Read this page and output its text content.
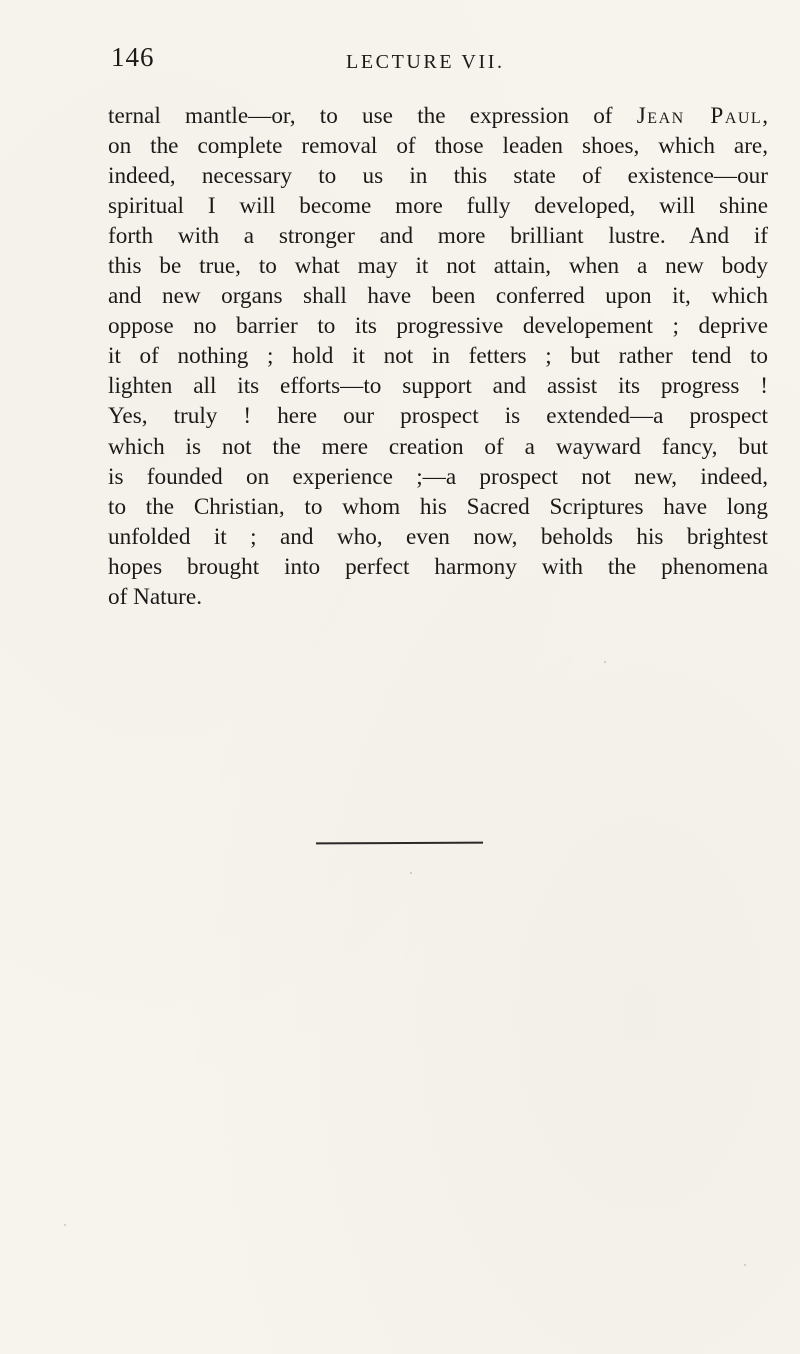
146	LECTURE VII.
ternal mantle—or, to use the expression of Jean Paul,
on the complete removal of those leaden shoes, which are,
indeed, necessary to us in this state of existence—our
spiritual I will become more fully developed, will shine
forth with a stronger and more brilliant lustre. And if
this be true, to what may it not attain, when a new body
and new organs shall have been conferred upon it, which
oppose no barrier to its progressive developement ; deprive
it of nothing ; hold it not in fetters ; but rather tend to
lighten all its efforts—to support and assist its progress !
Yes, truly ! here our prospect is extended—a prospect
which is not the mere creation of a wayward fancy, but
is founded on experience ;—a prospect not new, indeed,
to the Christian, to whom his Sacred Scriptures have long
unfolded it ; and who, even now, beholds his brightest
hopes brought into perfect harmony with the phenomena
of Nature.
